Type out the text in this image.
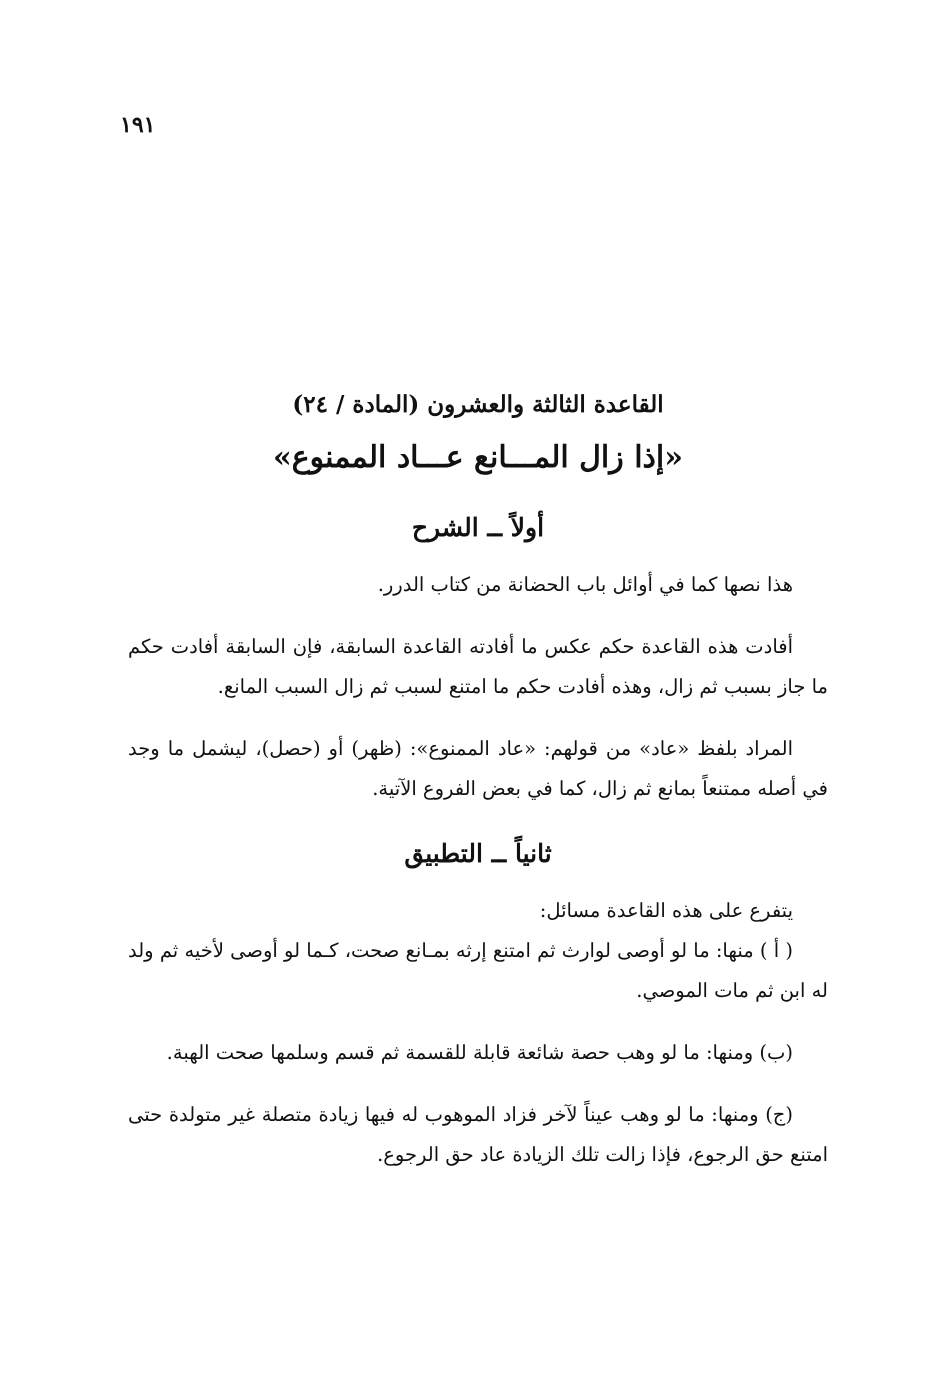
١٩١
القاعدة الثالثة والعشرون (المادة / ٢٤)
«إذا زال المـــانع عـــاد الممنوع»
أولاً ــ الشرح

هذا نصها كما في أوائل باب الحضانة من كتاب الدرر.

أفادت هذه القاعدة حكم عكس ما أفادته القاعدة السابقة، فإن السابقة أفادت حكم ما جاز بسبب ثم زال، وهذه أفادت حكم ما امتنع لسبب ثم زال السبب المانع.

المراد بلفظ «عاد» من قولهم: «عاد الممنوع»: (ظهر) أو (حصل)، ليشمل ما وجد في أصله ممتنعاً بمانع ثم زال، كما في بعض الفروع الآتية.

ثانياً ــ التطبيق

يتفرع على هذه القاعدة مسائل:

( أ ) منها: ما لو أوصى لوارث ثم امتنع إرثه بمـانع صحت، كـما لو أوصى لأخيه ثم ولد له ابن ثم مات الموصي.

(ب) ومنها: ما لو وهب حصة شائعة قابلة للقسمة ثم قسم وسلمها صحت الهبة.

(ج) ومنها: ما لو وهب عيناً لآخر فزاد الموهوب له فيها زيادة متصلة غير متولدة حتى امتنع حق الرجوع، فإذا زالت تلك الزيادة عاد حق الرجوع.
